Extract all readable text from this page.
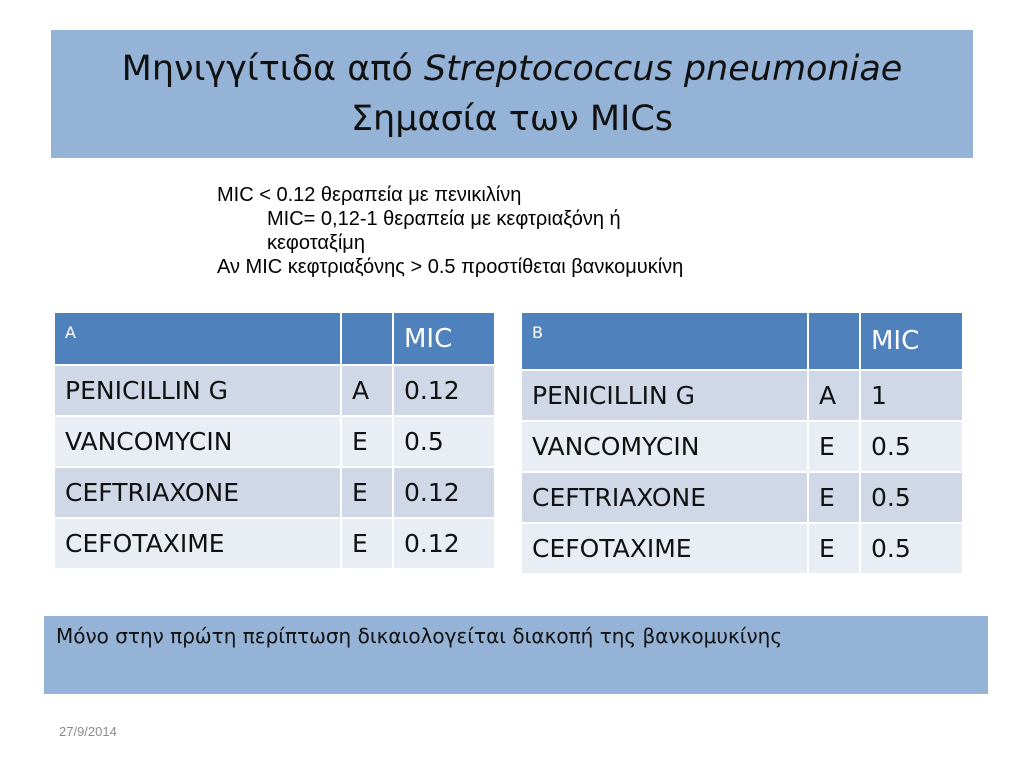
Μηνιγγίτιδα από Streptococcus pneumoniae
Σημασία των MICs
MIC < 0.12 θεραπεία με πενικιλίνη
MIC= 0,12-1 θεραπεία με κεφτριαξόνη ή
κεφοταξίμη
Αν MIC κεφτριαξόνης > 0.5 προστίθεται βανκομυκίνη
A		MIC
PENICILLIN G	A	0.12
VANCOMYCIN	E	0.5
CEFTRIAXONE	E	0.12
CEFOTAXIME	E	0.12
B		MIC
PENICILLIN G	A	1
VANCOMYCIN	E	0.5
CEFTRIAXONE	E	0.5
CEFOTAXIME	E	0.5
Μόνο στην πρώτη περίπτωση δικαιολογείται διακοπή της βανκομυκίνης
27/9/2014
